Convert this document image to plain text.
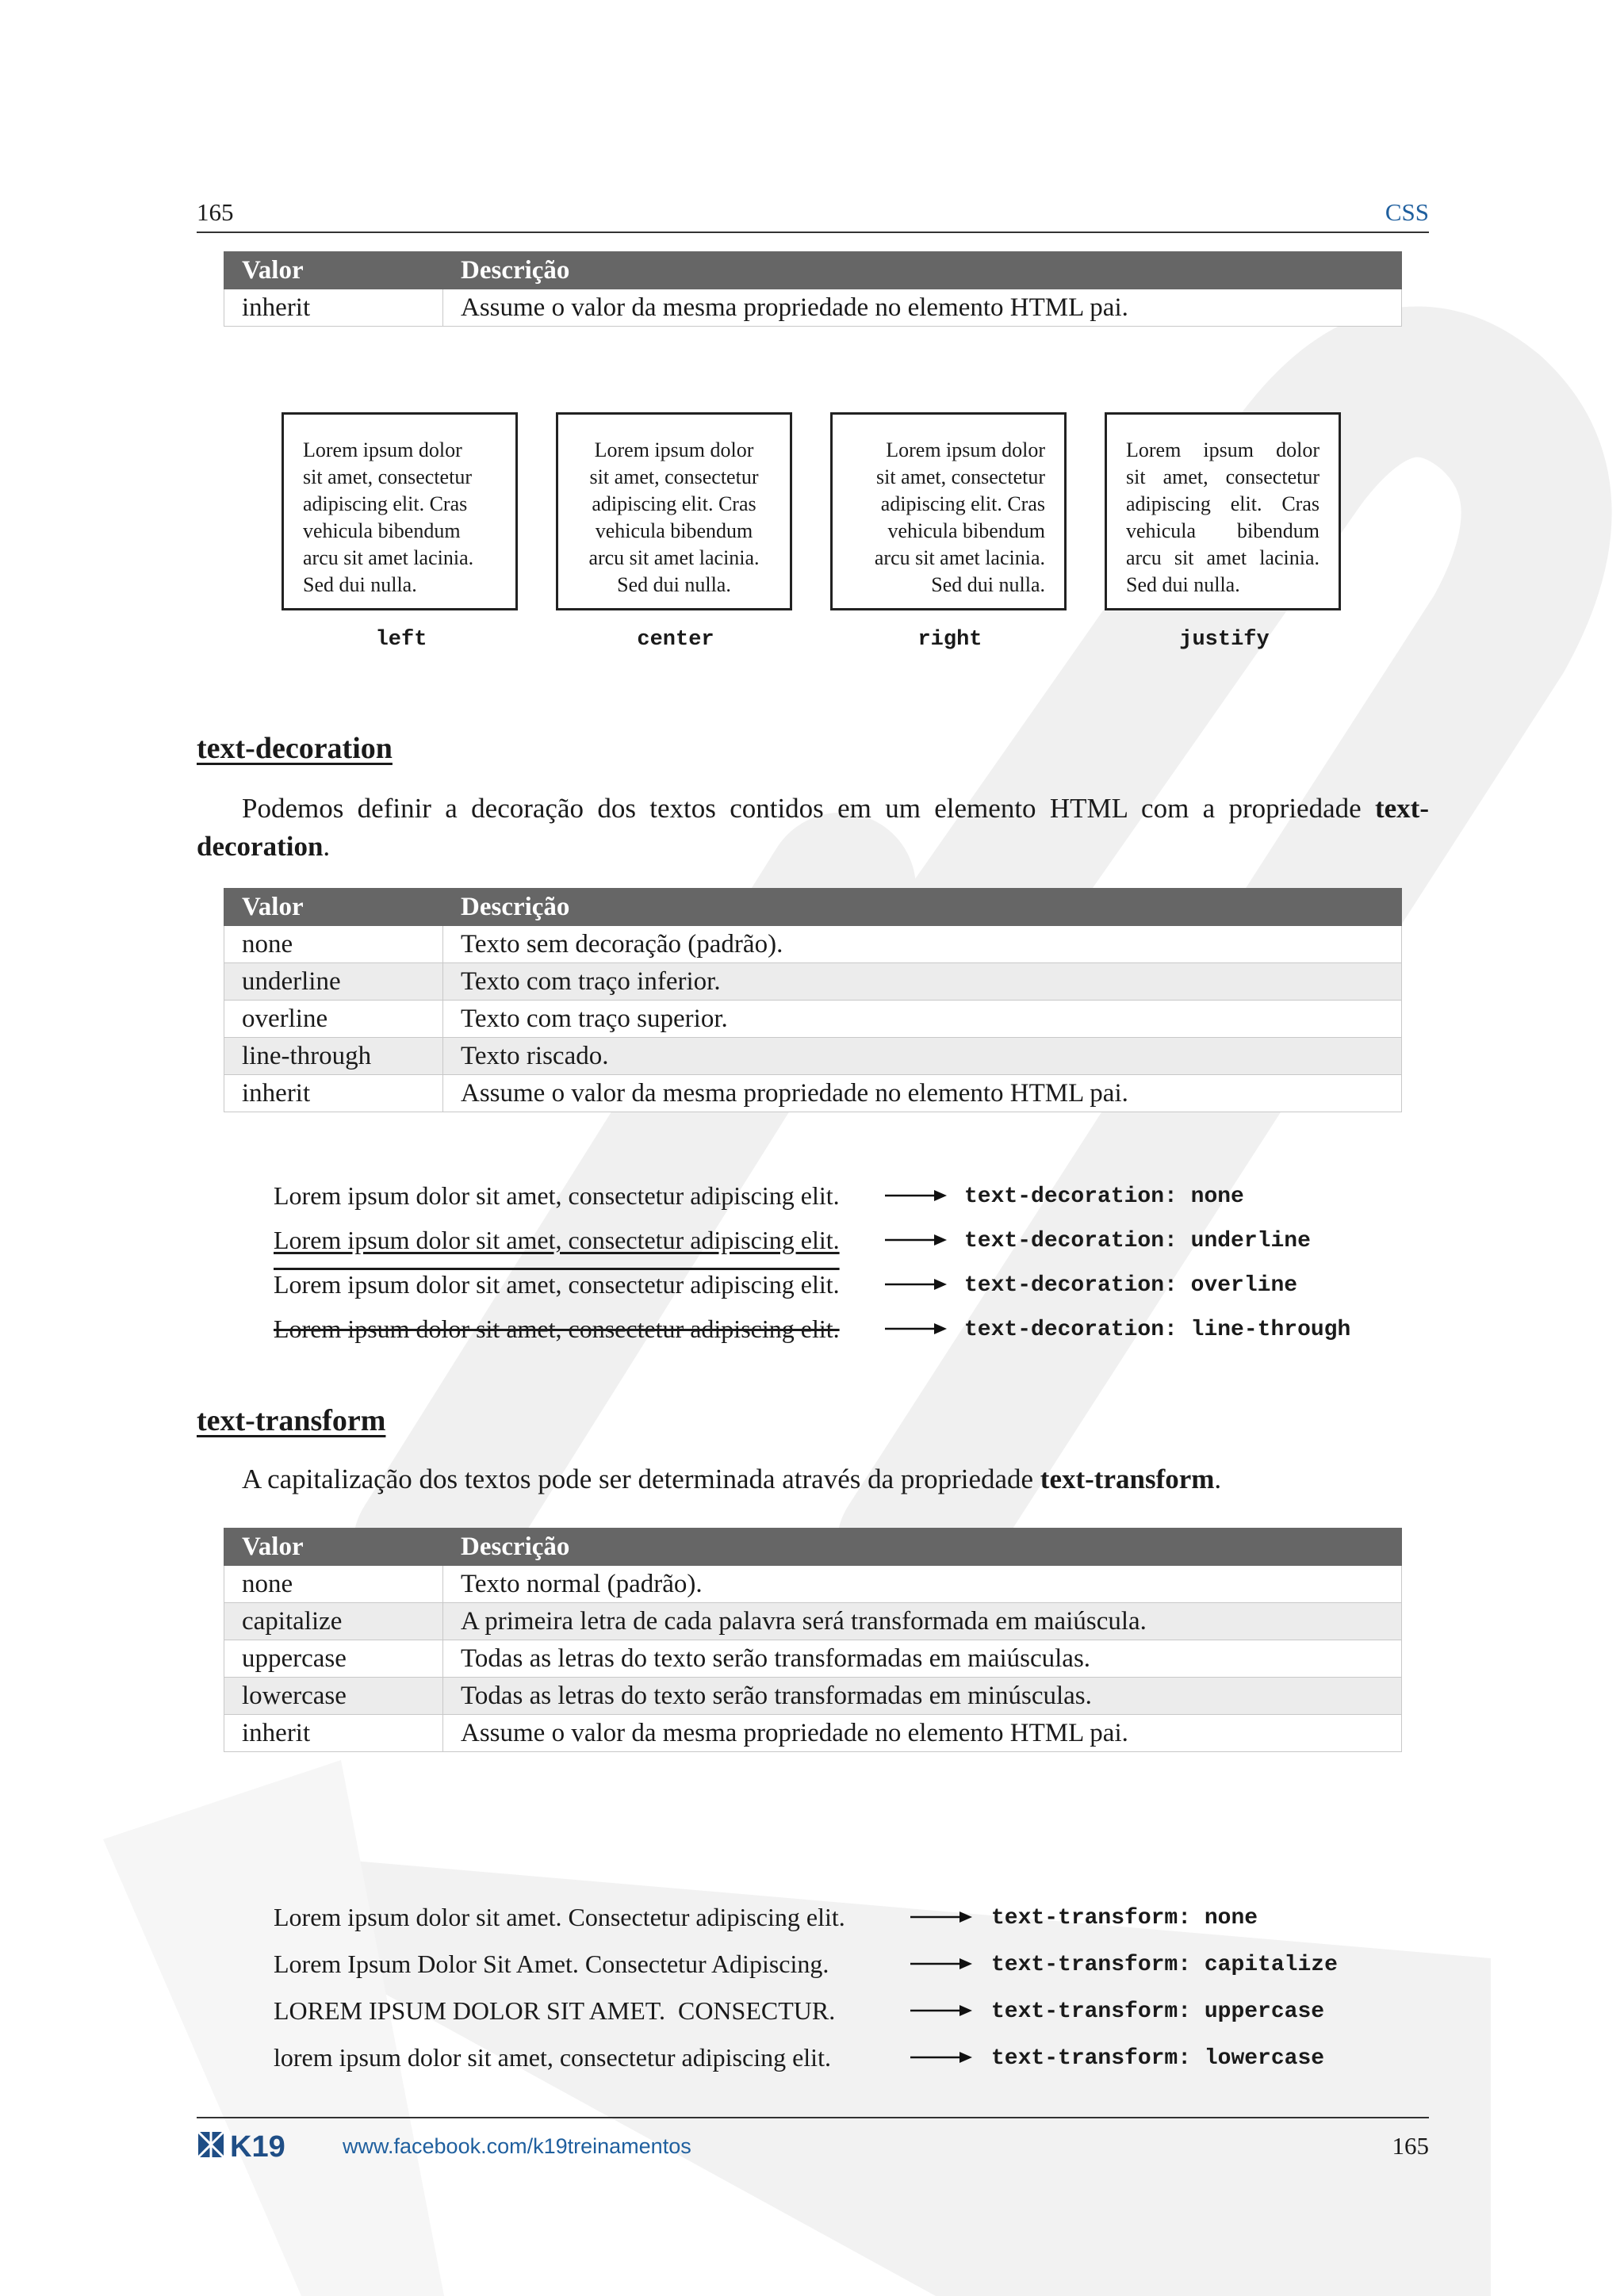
165	CSS
Valor	Descrição
inherit	Assume o valor da mesma propriedade no elemento HTML pai.
Lorem ipsum dolor
sit amet, consectetur
adipiscing elit. Cras
vehicula bibendum
arcu sit amet lacinia.
Sed dui nulla.
Lorem ipsum dolor
sit amet, consectetur
adipiscing elit. Cras
vehicula bibendum
arcu sit amet lacinia.
Sed dui nulla.
Lorem ipsum dolor
sit amet, consectetur
adipiscing elit. Cras
vehicula bibendum
arcu sit amet lacinia.
Sed dui nulla.
Lorem ipsum dolor
sit amet, consectetur
adipiscing elit. Cras
vehicula bibendum
arcu sit amet lacinia.
Sed dui nulla.
left	center	right	justify
text-decoration
Podemos definir a decoração dos textos contidos em um elemento HTML com a propriedade text-decoration.
Valor	Descrição
none	Texto sem decoração (padrão).
underline	Texto com traço inferior.
overline	Texto com traço superior.
line-through	Texto riscado.
inherit	Assume o valor da mesma propriedade no elemento HTML pai.
Lorem ipsum dolor sit amet, consectetur adipiscing elit.
Lorem ipsum dolor sit amet, consectetur adipiscing elit.
Lorem ipsum dolor sit amet, consectetur adipiscing elit.
Lorem ipsum dolor sit amet, consectetur adipiscing elit.
text-decoration: none
text-decoration: underline
text-decoration: overline
text-decoration: line-through
text-transform
A capitalização dos textos pode ser determinada através da propriedade text-transform.
Valor	Descrição
none	Texto normal (padrão).
capitalize	A primeira letra de cada palavra será transformada em maiúscula.
uppercase	Todas as letras do texto serão transformadas em maiúsculas.
lowercase	Todas as letras do texto serão transformadas em minúsculas.
inherit	Assume o valor da mesma propriedade no elemento HTML pai.
Lorem ipsum dolor sit amet. Consectetur adipiscing elit.
Lorem Ipsum Dolor Sit Amet. Consectetur Adipiscing.
LOREM IPSUM DOLOR SIT AMET.  CONSECTUR.
lorem ipsum dolor sit amet, consectetur adipiscing elit.
text-transform: none
text-transform: capitalize
text-transform: uppercase
text-transform: lowercase
K19	www.facebook.com/k19treinamentos	165
